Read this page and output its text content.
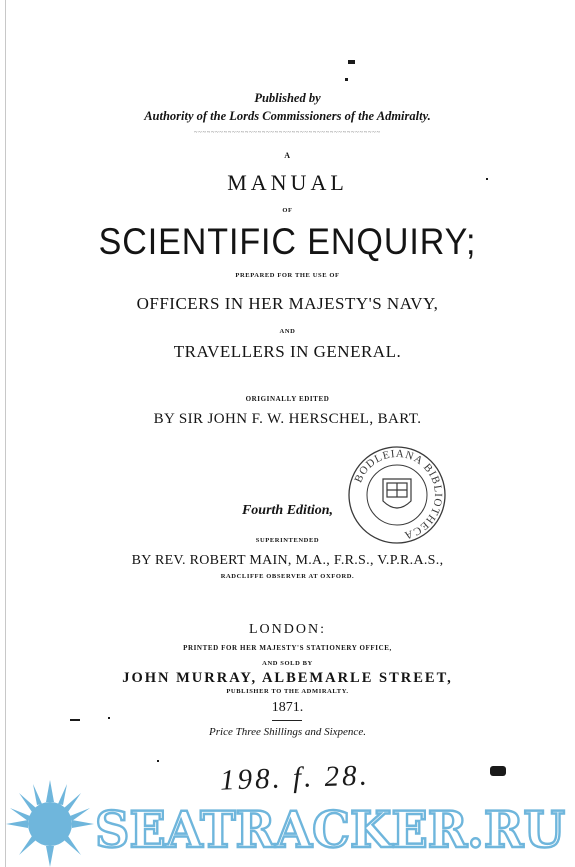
Published by
Authority of the Lords Commissioners of the Admiralty.
~~~~~~~~~~~~~~~~~~~~~~~~~~~~~~~~~~~~~~~~~~~~
A
MANUAL
OF
SCIENTIFIC ENQUIRY;
PREPARED FOR THE USE OF
OFFICERS IN HER MAJESTY'S NAVY,
AND
TRAVELLERS IN GENERAL.
ORIGINALLY EDITED
BY SIR JOHN F. W. HERSCHEL, BART.
BODLEIANA BIBLIOTHECA
Fourth Edition,
SUPERINTENDED
BY REV. ROBERT MAIN, M.A., F.R.S., V.P.R.A.S.,
RADCLIFFE OBSERVER AT OXFORD.
LONDON:
PRINTED FOR HER MAJESTY'S STATIONERY OFFICE,
AND SOLD BY
JOHN MURRAY, ALBEMARLE STREET,
PUBLISHER TO THE ADMIRALTY.
1871.
Price Three Shillings and Sixpence.
198. f. 28.
SEATRACKER.RU
